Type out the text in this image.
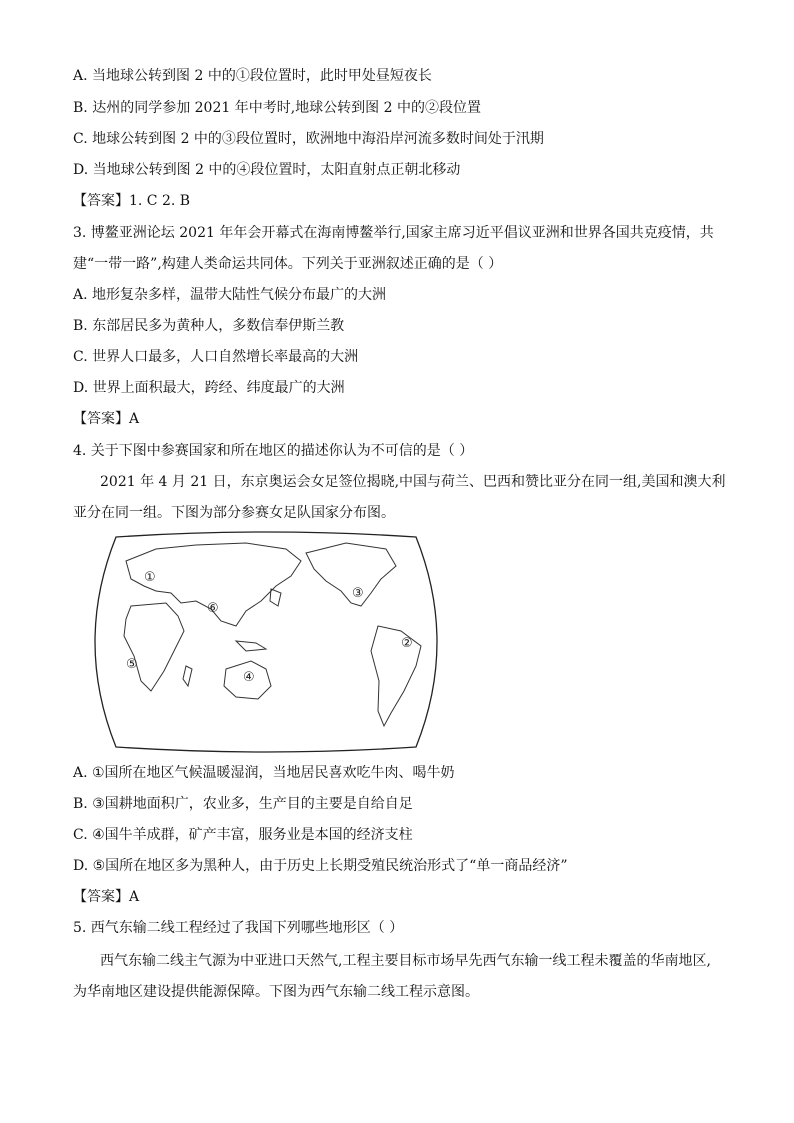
A. 当地球公转到图 2 中的①段位置时，此时甲处昼短夜长
B. 达州的同学参加 2021 年中考时,地球公转到图 2 中的②段位置
C. 地球公转到图 2 中的③段位置时，欧洲地中海沿岸河流多数时间处于汛期
D. 当地球公转到图 2 中的④段位置时，太阳直射点正朝北移动
【答案】1. C 2. B
3. 博鳌亚洲论坛 2021 年年会开幕式在海南博鳌举行,国家主席习近平倡议亚洲和世界各国共克疫情，共
建“一带一路”,构建人类命运共同体。下列关于亚洲叙述正确的是（ ）
A. 地形复杂多样，温带大陆性气候分布最广的大洲
B. 东部居民多为黄种人，多数信奉伊斯兰教
C. 世界人口最多，人口自然增长率最高的大洲
D. 世界上面积最大，跨经、纬度最广的大洲
【答案】A
4. 关于下图中参赛国家和所在地区的描述你认为不可信的是（ ）
2021 年 4 月 21 日，东京奥运会女足签位揭晓,中国与荷兰、巴西和赞比亚分在同一组,美国和澳大利
亚分在同一组。下图为部分参赛女足队国家分布图。
①
②
③
④
⑤
⑥
A. ①国所在地区气候温暖湿润，当地居民喜欢吃牛肉、喝牛奶
B. ③国耕地面积广，农业多，生产目的主要是自给自足
C. ④国牛羊成群，矿产丰富，服务业是本国的经济支柱
D. ⑤国所在地区多为黑种人，由于历史上长期受殖民统治形式了“单一商品经济”
【答案】A
5. 西气东输二线工程经过了我国下列哪些地形区（ ）
西气东输二线主气源为中亚进口天然气,工程主要目标市场早先西气东输一线工程未覆盖的华南地区,
为华南地区建设提供能源保障。下图为西气东输二线工程示意图。
